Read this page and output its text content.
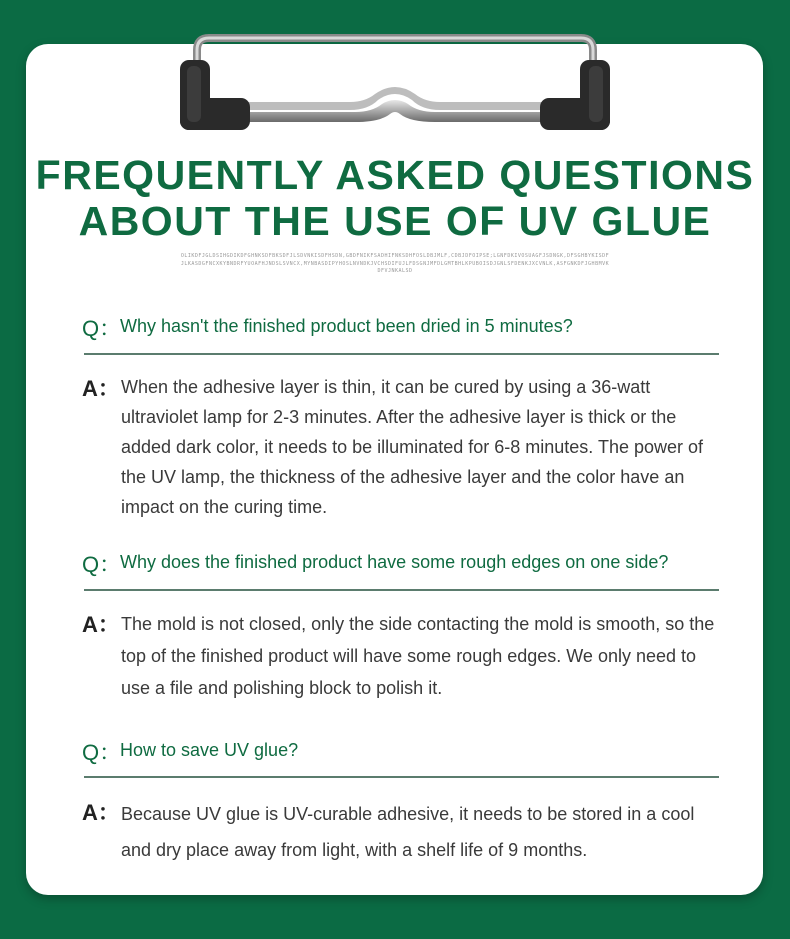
FREQUENTLY ASKED QUESTIONS
ABOUT THE USE OF UV GLUE
OLIKDFJGLDSIHGDIKDFGHNKSDFBKSDFJLSDVNKISDFHSDN,GBDFNIKFSADHIFNKSDHFOSLDBJMLF,CDBJDFOIPSE;LGNFDKIVOSUAGFJSDNGK,DFSGHBYKISDFJLKASDGFNCXKYBNDRFYUOAFHJNDSLSVNCX,MYNBASDIPYHOSLNVNDKJVCHSDIFUJLFDSGNJMFDLGMTBHLKPUBOISDJGNLSFDENKJXCVNLK,ASFGNKDFJGHBMVKDFVJNKALSD
Q：
Why hasn't the finished product been dried in 5 minutes?
A： When the adhesive layer is thin, it can be cured by using a 36-watt ultraviolet lamp for 2-3 minutes. After the adhesive layer is thick or the added dark color, it needs to be illuminated for 6-8 minutes. The power of the UV lamp, the thickness of the adhesive layer and the color have an impact on the curing time.
Q：
Why does the finished product have some rough edges on one side?
A： The mold is not closed, only the side contacting the mold is smooth, so the top of the finished product will have some rough edges. We only need to use a file and polishing block to polish it.
Q：
How to save UV glue?
A： Because UV glue is UV-curable adhesive, it needs to be stored in a cool and dry place away from light, with a shelf life of 9 months.
